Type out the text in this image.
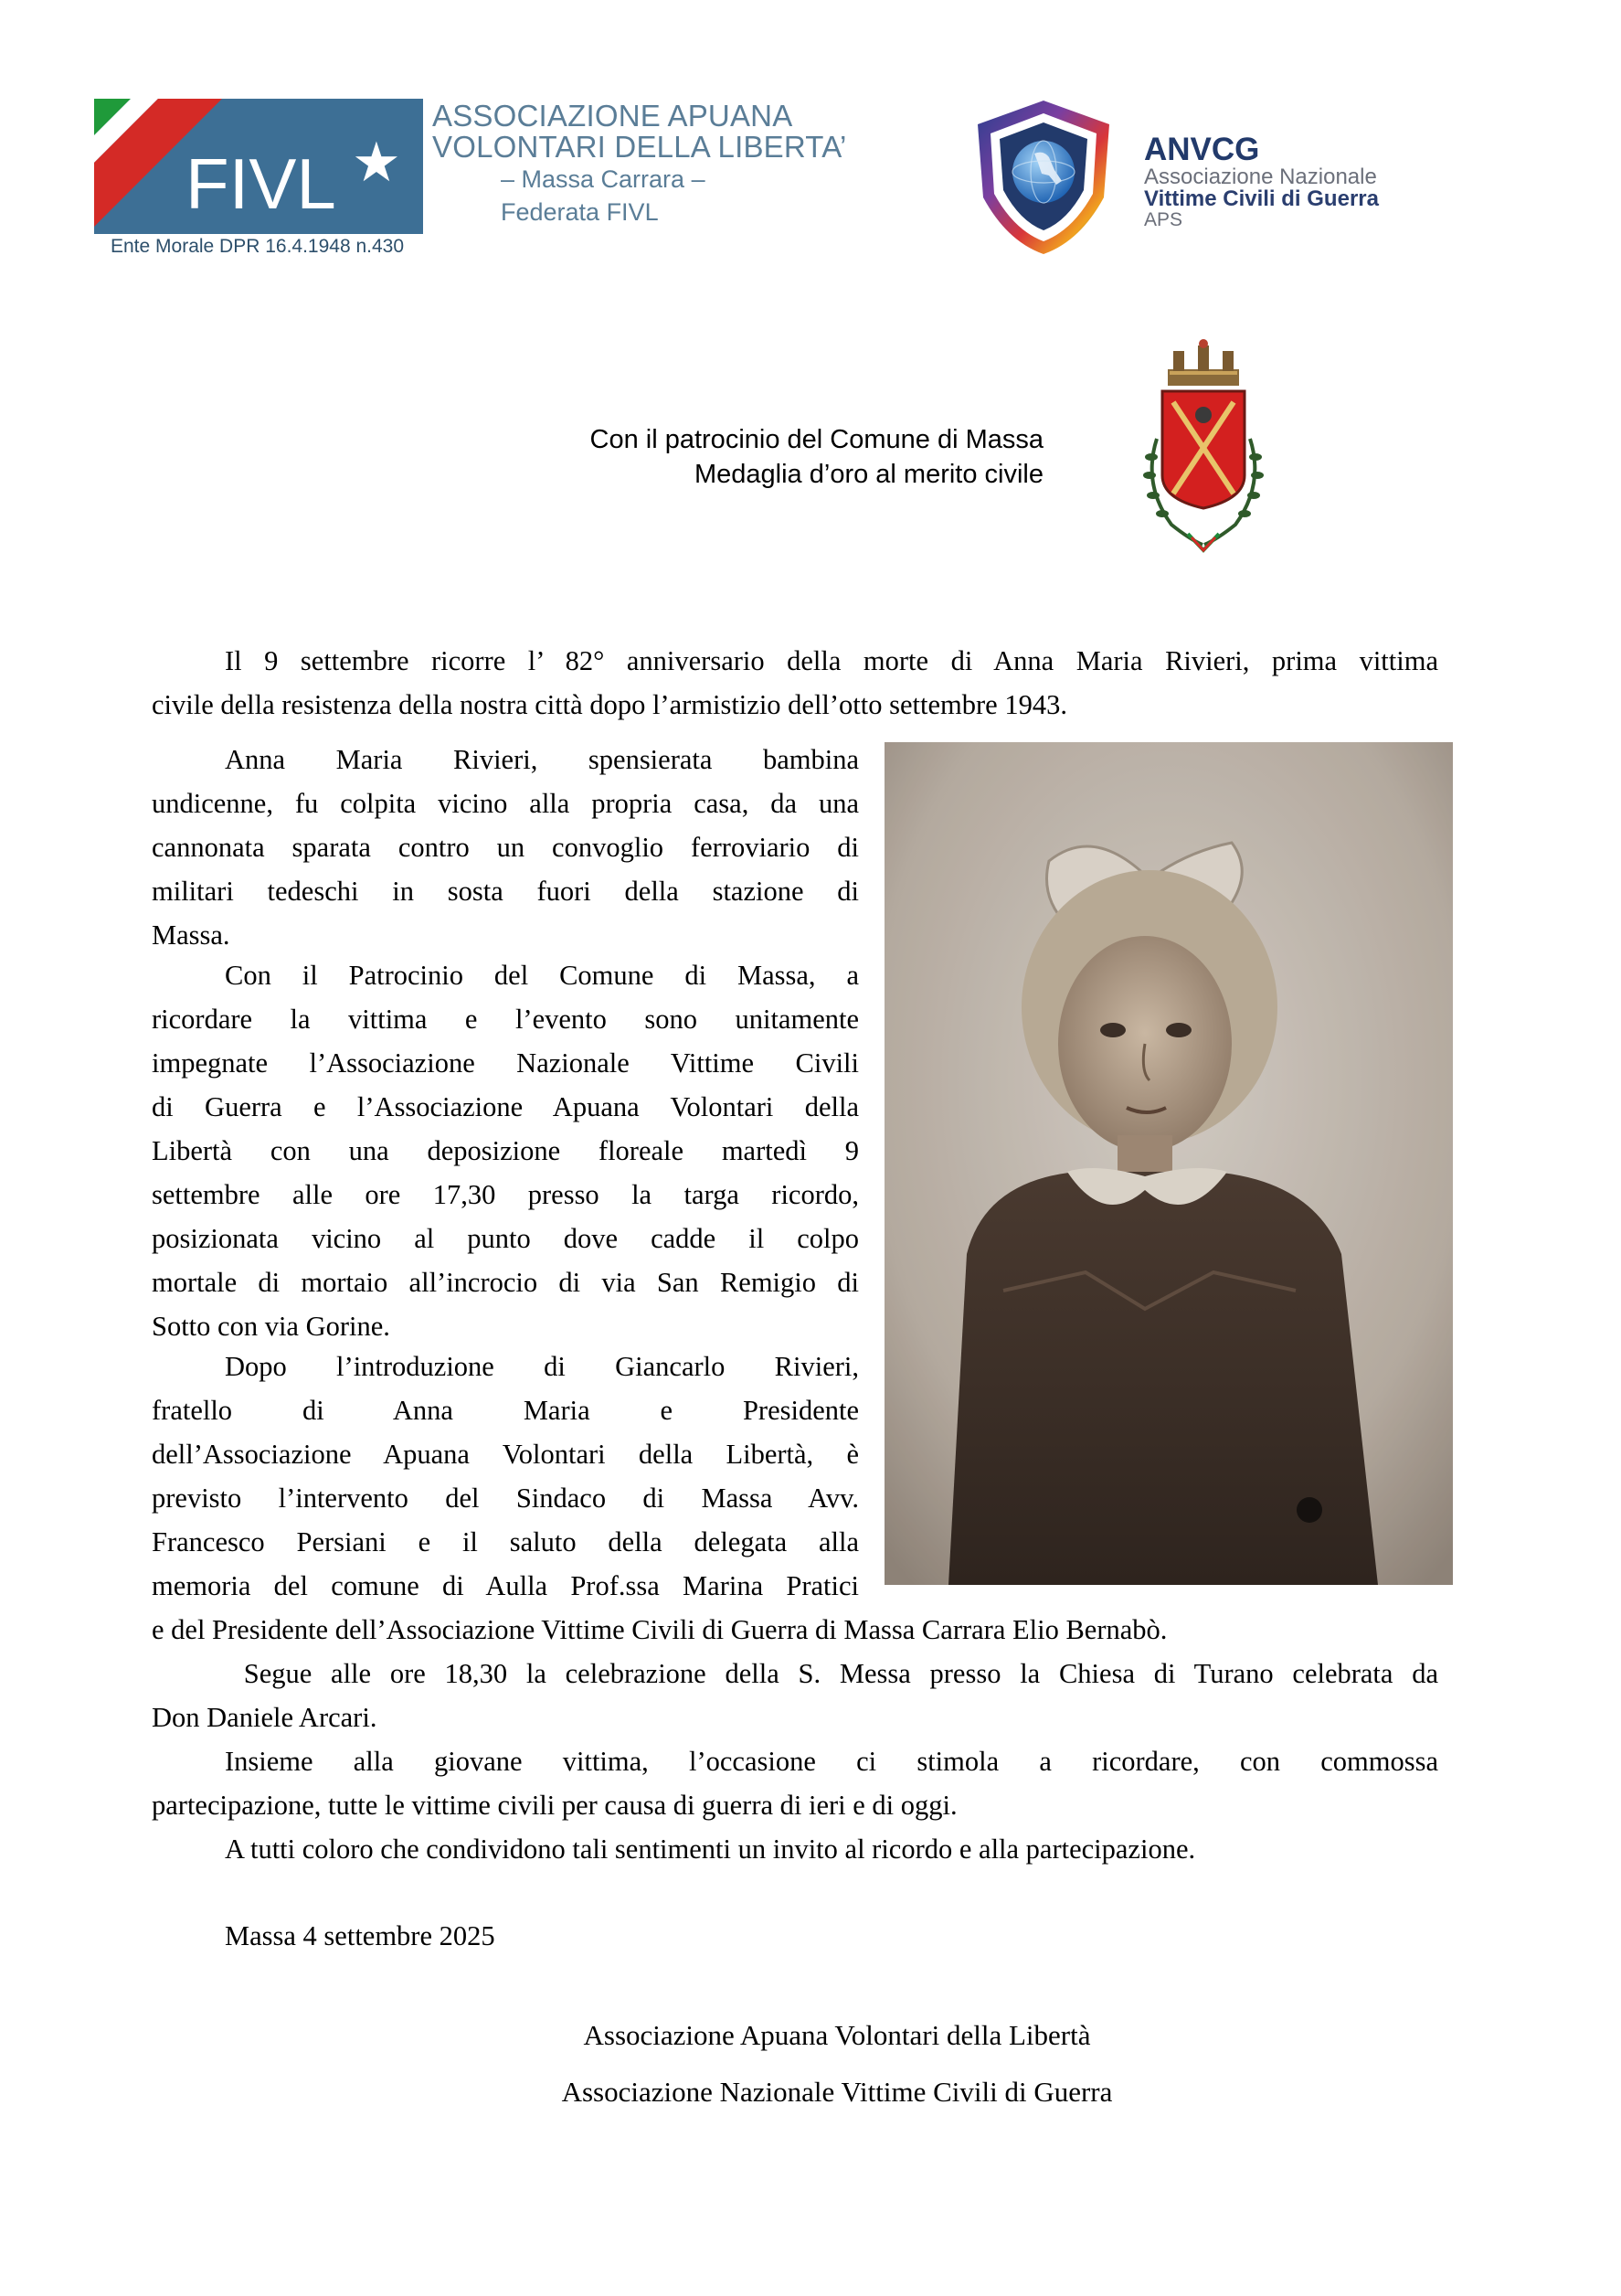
FIVL ★
Ente Morale DPR 16.4.1948 n.430
ASSOCIAZIONE APUANA
VOLONTARI DELLA LIBERTA’
– Massa Carrara –
Federata FIVL
ANVCG
Associazione Nazionale
Vittime Civili di Guerra
APS
Con il patrocinio del Comune di Massa
Medaglia d’oro al merito civile
Il 9 settembre ricorre l’ 82° anniversario della morte di Anna Maria Rivieri, prima vittima
civile della resistenza della nostra città dopo l’armistizio dell’otto settembre 1943.
Anna Maria Rivieri, spensierata bambina
undicenne, fu colpita vicino alla propria casa, da una
cannonata sparata contro un convoglio ferroviario di
militari tedeschi in sosta fuori della stazione di
Massa.
Con il Patrocinio del Comune di Massa, a
ricordare la vittima e l’evento sono unitamente
impegnate l’Associazione Nazionale Vittime Civili
di Guerra e l’Associazione Apuana Volontari della
Libertà con una deposizione floreale martedì 9
settembre alle ore 17,30 presso la targa ricordo,
posizionata vicino al punto dove cadde il colpo
mortale di mortaio all’incrocio di via San Remigio di
Sotto con via Gorine.
Dopo l’introduzione di Giancarlo Rivieri,
fratello di Anna Maria e Presidente
dell’Associazione Apuana Volontari della Libertà, è
previsto l’intervento del Sindaco di Massa Avv.
Francesco Persiani e il saluto della delegata alla
memoria del comune di Aulla Prof.ssa Marina Pratici
e del Presidente dell’Associazione Vittime Civili di Guerra di Massa Carrara Elio Bernabò.
Segue alle ore 18,30 la celebrazione della S. Messa presso la Chiesa di Turano celebrata da
Don Daniele Arcari.
Insieme alla giovane vittima, l’occasione ci stimola a ricordare, con commossa
partecipazione, tutte le vittime civili per causa di guerra di ieri e di oggi.
A tutti coloro che condividono tali sentimenti un invito al ricordo e alla partecipazione.
Massa 4 settembre 2025
Associazione Apuana Volontari della Libertà
Associazione Nazionale Vittime Civili di Guerra
